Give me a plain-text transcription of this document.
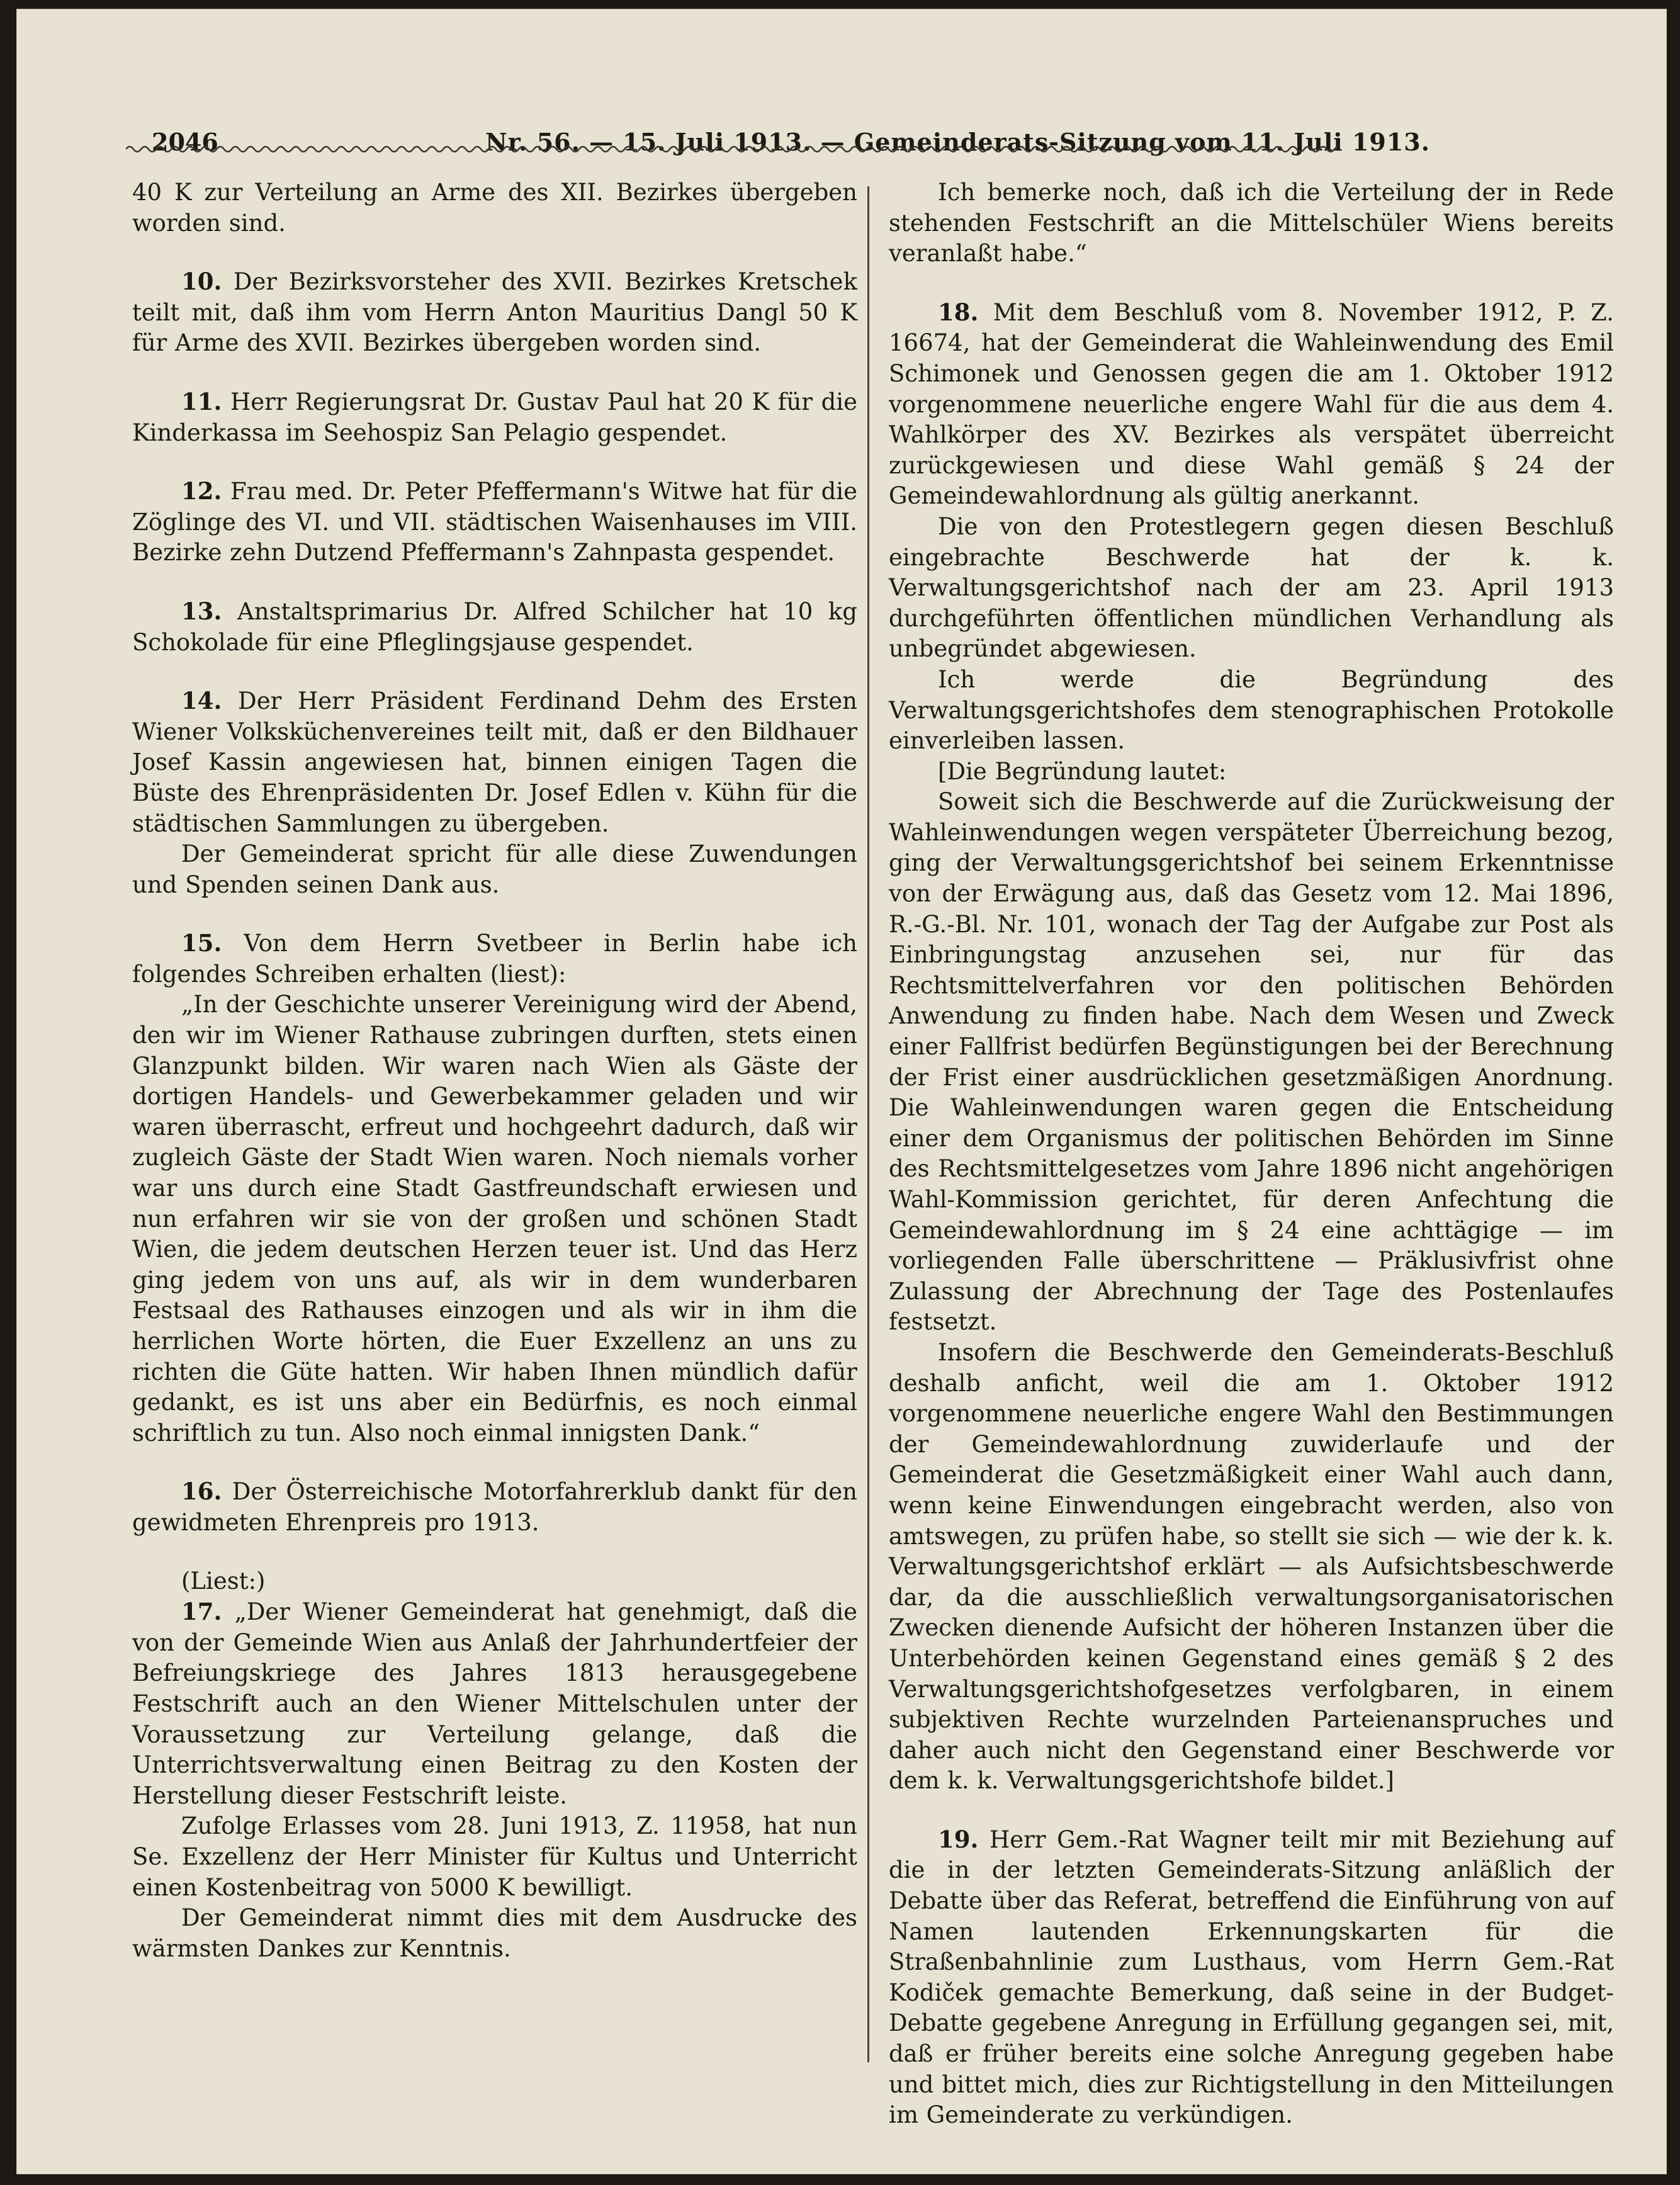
2046	Nr. 56. — 15. Juli 1913. — Gemeinderats-Sitzung vom 11. Juli 1913.

40 K zur Verteilung an Arme des XII. Bezirkes übergeben worden sind.

10. Der Bezirksvorsteher des XVII. Bezirkes Kretschek teilt mit, daß ihm vom Herrn Anton Mauritius Dangl 50 K für Arme des XVII. Bezirkes übergeben worden sind.

11. Herr Regierungsrat Dr. Gustav Paul hat 20 K für die Kinderkassa im Seehospiz San Pelagio gespendet.

12. Frau med. Dr. Peter Pfeffermann's Witwe hat für die Zöglinge des VI. und VII. städtischen Waisenhauses im VIII. Bezirke zehn Dutzend Pfeffermann's Zahnpasta gespendet.

13. Anstaltsprimarius Dr. Alfred Schilcher hat 10 kg Schokolade für eine Pfleglingsjause gespendet.

14. Der Herr Präsident Ferdinand Dehm des Ersten Wiener Volksküchenvereines teilt mit, daß er den Bildhauer Josef Kassin angewiesen hat, binnen einigen Tagen die Büste des Ehrenpräsidenten Dr. Josef Edlen v. Kühn für die städtischen Sammlungen zu übergeben.

Der Gemeinderat spricht für alle diese Zuwendungen und Spenden seinen Dank aus.

15. Von dem Herrn Svetbeer in Berlin habe ich folgendes Schreiben erhalten (liest):

„In der Geschichte unserer Vereinigung wird der Abend, den wir im Wiener Rathause zubringen durften, stets einen Glanzpunkt bilden. Wir waren nach Wien als Gäste der dortigen Handels- und Gewerbekammer geladen und wir waren überrascht, erfreut und hochgeehrt dadurch, daß wir zugleich Gäste der Stadt Wien waren. Noch niemals vorher war uns durch eine Stadt Gastfreundschaft erwiesen und nun erfahren wir sie von der großen und schönen Stadt Wien, die jedem deutschen Herzen teuer ist. Und das Herz ging jedem von uns auf, als wir in dem wunderbaren Festsaal des Rathauses einzogen und als wir in ihm die herrlichen Worte hörten, die Euer Exzellenz an uns zu richten die Güte hatten. Wir haben Ihnen mündlich dafür gedankt, es ist uns aber ein Bedürfnis, es noch einmal schriftlich zu tun. Also noch einmal innigsten Dank.“

16. Der Österreichische Motorfahrerklub dankt für den gewidmeten Ehrenpreis pro 1913.

(Liest:)

17. „Der Wiener Gemeinderat hat genehmigt, daß die von der Gemeinde Wien aus Anlaß der Jahrhundertfeier der Befreiungskriege des Jahres 1813 herausgegebene Festschrift auch an den Wiener Mittelschulen unter der Voraussetzung zur Verteilung gelange, daß die Unterrichtsverwaltung einen Beitrag zu den Kosten der Herstellung dieser Festschrift leiste.

Zufolge Erlasses vom 28. Juni 1913, Z. 11958, hat nun Se. Exzellenz der Herr Minister für Kultus und Unterricht einen Kostenbeitrag von 5000 K bewilligt.

Der Gemeinderat nimmt dies mit dem Ausdrucke des wärmsten Dankes zur Kenntnis.

Ich bemerke noch, daß ich die Verteilung der in Rede stehenden Festschrift an die Mittelschüler Wiens bereits veranlaßt habe.“

18. Mit dem Beschluß vom 8. November 1912, P. Z. 16674, hat der Gemeinderat die Wahleinwendung des Emil Schimonek und Genossen gegen die am 1. Oktober 1912 vorgenommene neuerliche engere Wahl für die aus dem 4. Wahlkörper des XV. Bezirkes als verspätet überreicht zurückgewiesen und diese Wahl gemäß § 24 der Gemeindewahlordnung als gültig anerkannt.

Die von den Protestlegern gegen diesen Beschluß eingebrachte Beschwerde hat der k. k. Verwaltungsgerichtshof nach der am 23. April 1913 durchgeführten öffentlichen mündlichen Verhandlung als unbegründet abgewiesen.

Ich werde die Begründung des Verwaltungsgerichtshofes dem stenographischen Protokolle einverleiben lassen.

[Die Begründung lautet:

Soweit sich die Beschwerde auf die Zurückweisung der Wahleinwendungen wegen verspäteter Überreichung bezog, ging der Verwaltungsgerichtshof bei seinem Erkenntnisse von der Erwägung aus, daß das Gesetz vom 12. Mai 1896, R.-G.-Bl. Nr. 101, wonach der Tag der Aufgabe zur Post als Einbringungstag anzusehen sei, nur für das Rechtsmittelverfahren vor den politischen Behörden Anwendung zu finden habe. Nach dem Wesen und Zweck einer Fallfrist bedürfen Begünstigungen bei der Berechnung der Frist einer ausdrücklichen gesetzmäßigen Anordnung. Die Wahleinwendungen waren gegen die Entscheidung einer dem Organismus der politischen Behörden im Sinne des Rechtsmittelgesetzes vom Jahre 1896 nicht angehörigen Wahl-Kommission gerichtet, für deren Anfechtung die Gemeindewahlordnung im § 24 eine achttägige — im vorliegenden Falle überschrittene — Präklusivfrist ohne Zulassung der Abrechnung der Tage des Postenlaufes festsetzt.

Insofern die Beschwerde den Gemeinderats-Beschluß deshalb anficht, weil die am 1. Oktober 1912 vorgenommene neuerliche engere Wahl den Bestimmungen der Gemeindewahlordnung zuwiderlaufe und der Gemeinderat die Gesetzmäßigkeit einer Wahl auch dann, wenn keine Einwendungen eingebracht werden, also von amtswegen, zu prüfen habe, so stellt sie sich — wie der k. k. Verwaltungsgerichtshof erklärt — als Aufsichtsbeschwerde dar, da die ausschließlich verwaltungsorganisatorischen Zwecken dienende Aufsicht der höheren Instanzen über die Unterbehörden keinen Gegenstand eines gemäß § 2 des Verwaltungsgerichtshofgesetzes verfolgbaren, in einem subjektiven Rechte wurzelnden Parteienanspruches und daher auch nicht den Gegenstand einer Beschwerde vor dem k. k. Verwaltungsgerichtshofe bildet.]

19. Herr Gem.-Rat Wagner teilt mir mit Beziehung auf die in der letzten Gemeinderats-Sitzung anläßlich der Debatte über das Referat, betreffend die Einführung von auf Namen lautenden Erkennungskarten für die Straßenbahnlinie zum Lusthaus, vom Herrn Gem.-Rat Kodiček gemachte Bemerkung, daß seine in der Budget-Debatte gegebene Anregung in Erfüllung gegangen sei, mit, daß er früher bereits eine solche Anregung gegeben habe und bittet mich, dies zur Richtigstellung in den Mitteilungen im Gemeinderate zu verkündigen.
